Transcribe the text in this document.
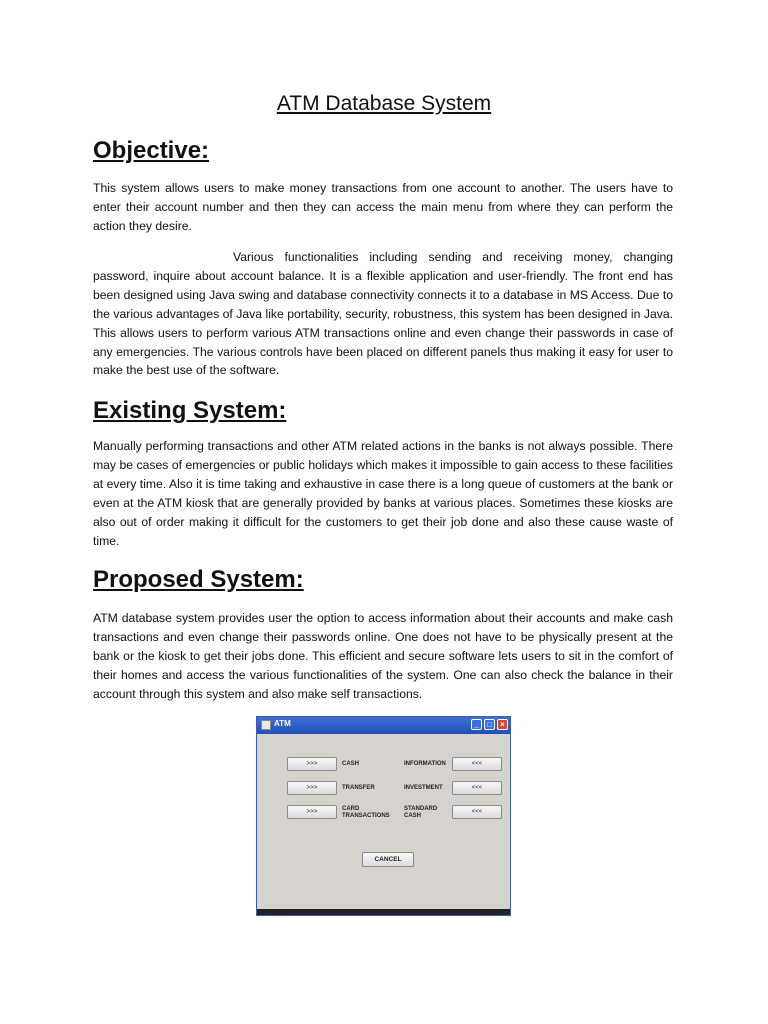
ATM Database System
Objective:

This system allows users to make money transactions from one account to another. The users have to enter their account number and then they can access the main menu from where they can perform the action they desire.

Various functionalities including sending and receiving money, changing password, inquire about account balance. It is a flexible application and user-friendly. The front end has been designed using Java swing and database connectivity connects it to a database in MS Access. Due to the various advantages of Java like portability, security, robustness, this system has been designed in Java. This allows users to perform various ATM transactions online and even change their passwords in case of any emergencies. The various controls have been placed on different panels thus making it easy for user to make the best use of the software.

Existing System:

Manually performing transactions and other ATM related actions in the banks is not always possible. There may be cases of emergencies or public holidays which makes it impossible to gain access to these facilities at every time. Also it is time taking and exhaustive in case there is a long queue of customers at the bank or even at the ATM kiosk that are generally provided by banks at various places. Sometimes these kiosks are also out of order making it difficult for the customers to get their job done and also these cause waste of time.

Proposed System:

ATM database system provides user the option to access information about their accounts and make cash transactions and even change their passwords online. One does not have to be physically present at the bank or the kiosk to get their jobs done. This efficient and secure software lets users to sit in the comfort of their homes and access the various functionalities of the system. One can also check the balance in their account through this system and also make self transactions.

ATM	_	□	×
>>>	CASH	INFORMATION	<<<
>>>	TRANSFER	INVESTMENT	<<<
>>>	CARD TRANSACTIONS
STANDARD CASH
<<<
CANCEL
